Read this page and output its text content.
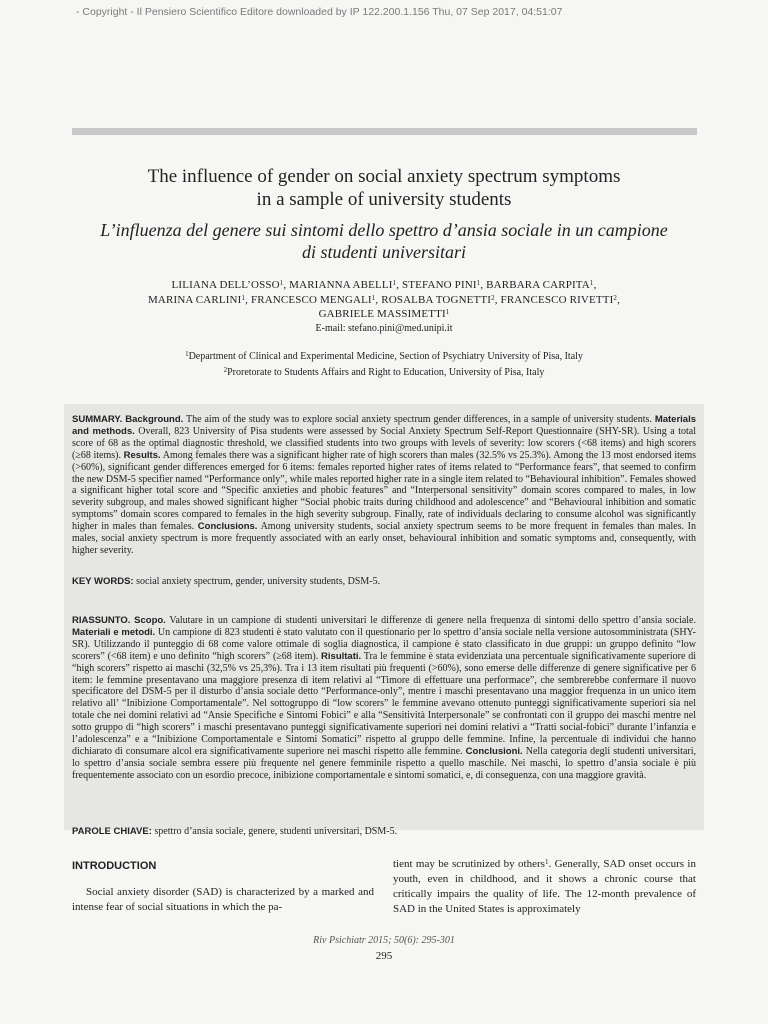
- Copyright - Il Pensiero Scientifico Editore downloaded by IP 122.200.1.156 Thu, 07 Sep 2017, 04:51:07
The influence of gender on social anxiety spectrum symptoms
in a sample of university students
L’influenza del genere sui sintomi dello spettro d’ansia sociale in un campione
di studenti universitari
LILIANA DELL’OSSO$^1$, MARIANNA ABELLI$^1$, STEFANO PINI$^1$, BARBARA CARPITA$^1$,
MARINA CARLINI$^1$, FRANCESCO MENGALI$^1$, ROSALBA TOGNETTI$^2$, FRANCESCO RIVETTI$^2$,
GABRIELE MASSIMETTI$^1$
E-mail: stefano.pini@med.unipi.it
$^1$Department of Clinical and Experimental Medicine, Section of Psychiatry University of Pisa, Italy
$^2$Proretorate to Students Affairs and Right to Education, University of Pisa, Italy
SUMMARY. Background. The aim of the study was to explore social anxiety spectrum gender differences, in a sample of university students. Materials and methods. Overall, 823 University of Pisa students were assessed by Social Anxiety Spectrum Self-Report Questionnaire (SHY-SR). Using a total score of 68 as the optimal diagnostic threshold, we classified students into two groups with levels of severity: low scorers (<68 items) and high scorers (≥68 items). Results. Among females there was a significant higher rate of high scorers than males (32.5% vs 25.3%). Among the 13 most endorsed items (>60%), significant gender differences emerged for 6 items: females reported higher rates of items related to “Performance fears”, that seemed to confirm the new DSM-5 specifier named “Performance only”, while males reported higher rate in a single item related to “Behavioural inhibition”. Females showed a significant higher total score and “Specific anxieties and phobic features” and “Interpersonal sensitivity” domain scores compared to males, in low severity subgroup, and males showed significant higher “Social phobic traits during childhood and adolescence” and “Behavioural inhibition and somatic symptoms” domain scores compared to females in the high severity subgroup. Finally, rate of individuals declaring to consume alcohol was significantly higher in males than females. Conclusions. Among university students, social anxiety spectrum seems to be more frequent in females than males. In males, social anxiety spectrum is more frequently associated with an early onset, behavioural inhibition and somatic symptoms and, consequently, with higher severity.
KEY WORDS: social anxiety spectrum, gender, university students, DSM-5.
RIASSUNTO. Scopo. Valutare in un campione di studenti universitari le differenze di genere nella frequenza di sintomi dello spettro d’ansia sociale. Materiali e metodi. Un campione di 823 studenti è stato valutato con il questionario per lo spettro d’ansia sociale nella versione autosomministrata (SHY-SR). Utilizzando il punteggio di 68 come valore ottimale di soglia diagnostica, il campione è stato classificato in due gruppi: un gruppo definito “low scorers” (<68 item) e uno definito “high scorers” (≥68 item). Risultati. Tra le femmine è stata evidenziata una percentuale significativamente superiore di “high scorers” rispetto ai maschi (32,5% vs 25,3%). Tra i 13 item risultati più frequenti (>60%), sono emerse delle differenze di genere significative per 6 item: le femmine presentavano una maggiore presenza di item relativi al “Timore di effettuare una performace”, che sembrerebbe confermare il nuovo specificatore del DSM-5 per il disturbo d’ansia sociale detto “Performance-only”, mentre i maschi presentavano una maggior frequenza in un unico item relativo all’ “Inibizione Comportamentale”. Nel sottogruppo di “low scorers” le femmine avevano ottenuto punteggi significativamente superiori sia nel totale che nei domini relativi ad “Ansie Specifiche e Sintomi Fobici” e alla “Sensitività Interpersonale” se confrontati con il gruppo dei maschi mentre nel sotto gruppo di “high scorers” i maschi presentavano punteggi significativamente superiori nei domini relativi a “Tratti social-fobici” durante l’infanzia e l’adolescenza” e a “Inibizione Comportamentale e Sintomi Somatici” rispetto al gruppo delle femmine. Infine, la percentuale di individui che hanno dichiarato di consumare alcol era significativamente superiore nei maschi rispetto alle femmine. Conclusioni. Nella categoria degli studenti universitari, lo spettro d’ansia sociale sembra essere più frequente nel genere femminile rispetto a quello maschile. Nei maschi, lo spettro d’ansia sociale è più frequentemente associato con un esordio precoce, inibizione comportamentale e sintomi somatici, e, di conseguenza, con una maggiore gravità.
PAROLE CHIAVE: spettro d’ansia sociale, genere, studenti universitari, DSM-5.
INTRODUCTION
Social anxiety disorder (SAD) is characterized by a marked and intense fear of social situations in which the pa-
tient may be scrutinized by others$^1$. Generally, SAD onset occurs in youth, even in childhood, and it shows a chronic course that critically impairs the quality of life. The 12-month prevalence of SAD in the United States is approximately
Riv Psichiatr 2015; 50(6): 295-301
295
